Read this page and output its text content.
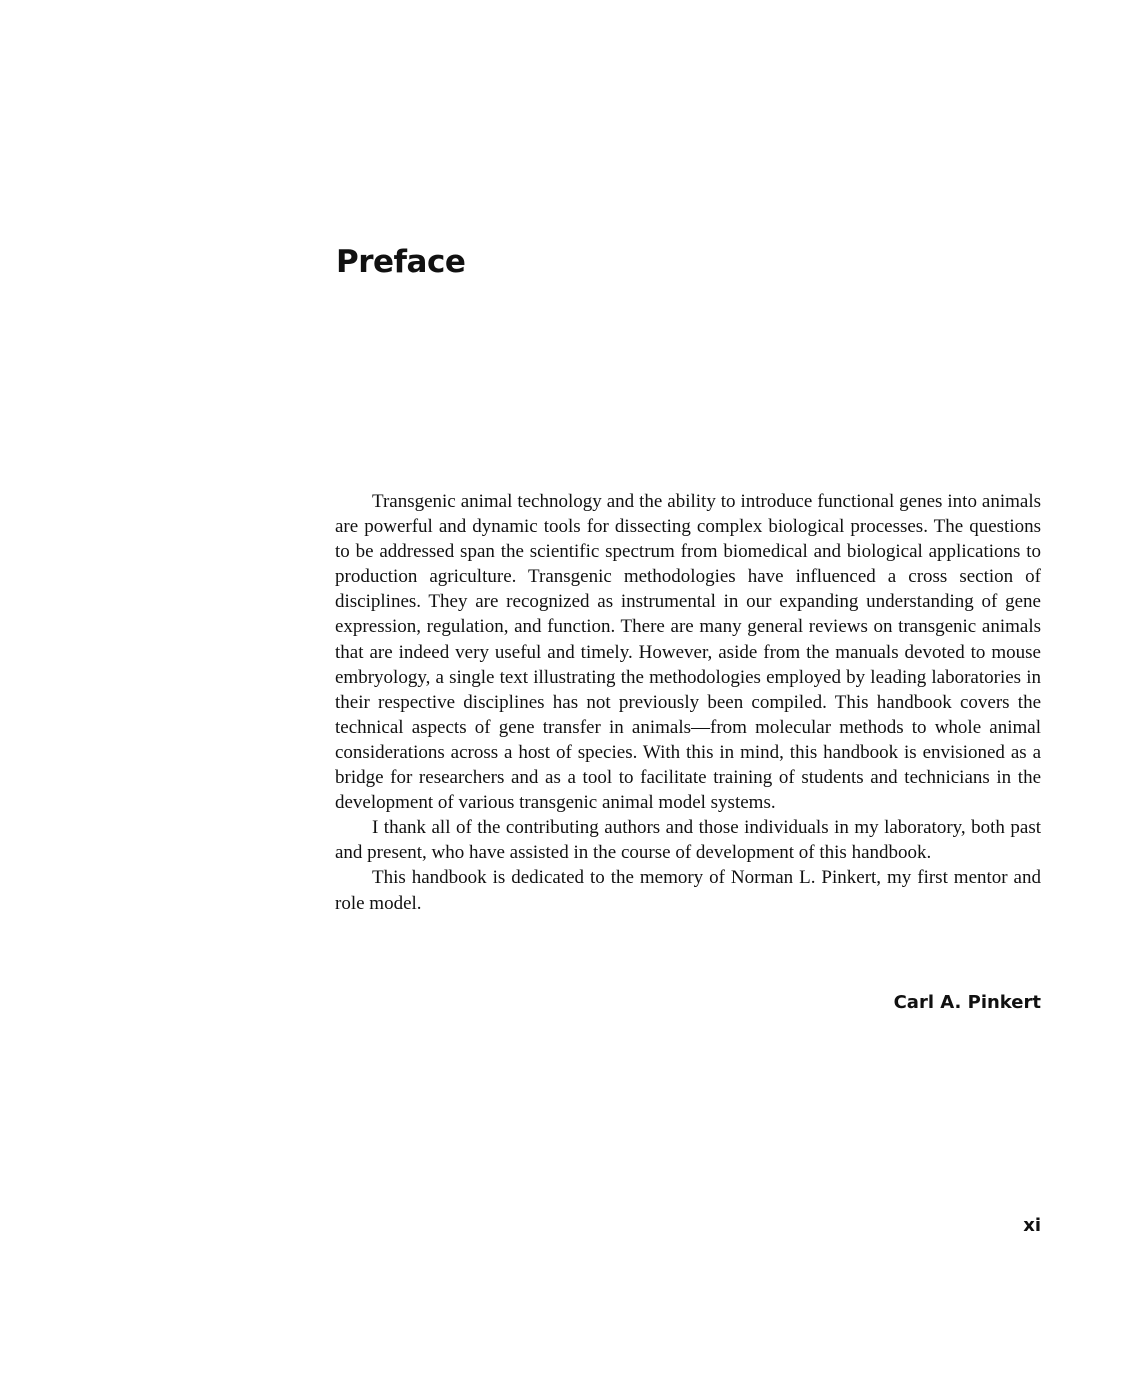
Preface

Transgenic animal technology and the ability to introduce functional genes into animals are powerful and dynamic tools for dissecting complex biological processes. The questions to be addressed span the scientific spectrum from biomedical and biological applications to production agriculture. Transgenic methodologies have influenced a cross section of disciplines. They are recognized as instrumental in our expanding understanding of gene expression, regulation, and function. There are many general reviews on transgenic animals that are indeed very useful and timely. However, aside from the manuals devoted to mouse embryology, a single text illustrating the methodologies employed by leading laboratories in their respective disciplines has not previously been compiled. This handbook covers the technical aspects of gene transfer in animals—from molecular methods to whole animal considerations across a host of species. With this in mind, this handbook is envisioned as a bridge for researchers and as a tool to facilitate training of students and technicians in the development of various transgenic animal model systems.

I thank all of the contributing authors and those individuals in my laboratory, both past and present, who have assisted in the course of development of this handbook.

This handbook is dedicated to the memory of Norman L. Pinkert, my first mentor and role model.

Carl A. Pinkert
xi
